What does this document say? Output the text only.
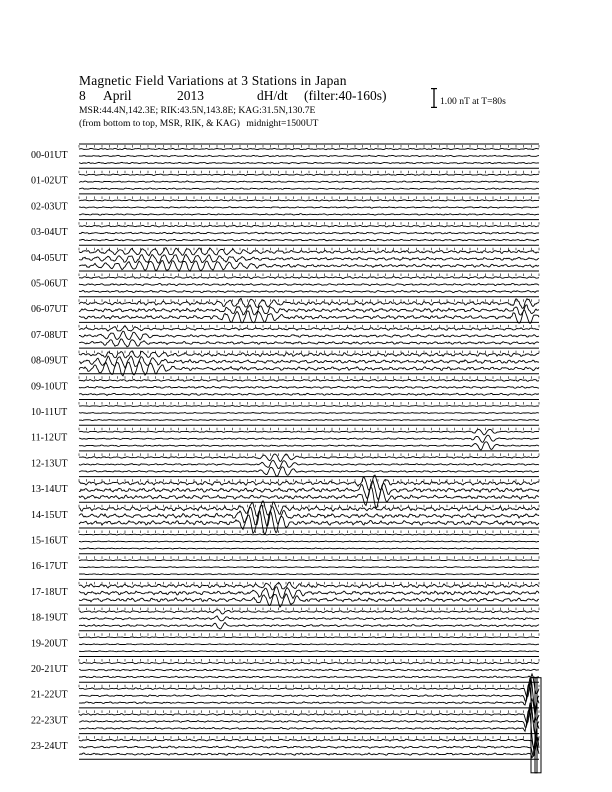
Magnetic Field Variations at 3 Stations in Japan
8 April	2013	dH/dt (filter:40-160s)
MSR:44.4N,142.3E; RIK:43.5N,143.8E; KAG:31.5N,130.7E
(from bottom to top, MSR, RIK, & KAG) midnight=1500UT
1.00 nT at T=80s
00-01UT
01-02UT
02-03UT
03-04UT
04-05UT
05-06UT
06-07UT
07-08UT
08-09UT
09-10UT
10-11UT
11-12UT
12-13UT
13-14UT
14-15UT
15-16UT
16-17UT
17-18UT
18-19UT
19-20UT
20-21UT
21-22UT
22-23UT
23-24UT
